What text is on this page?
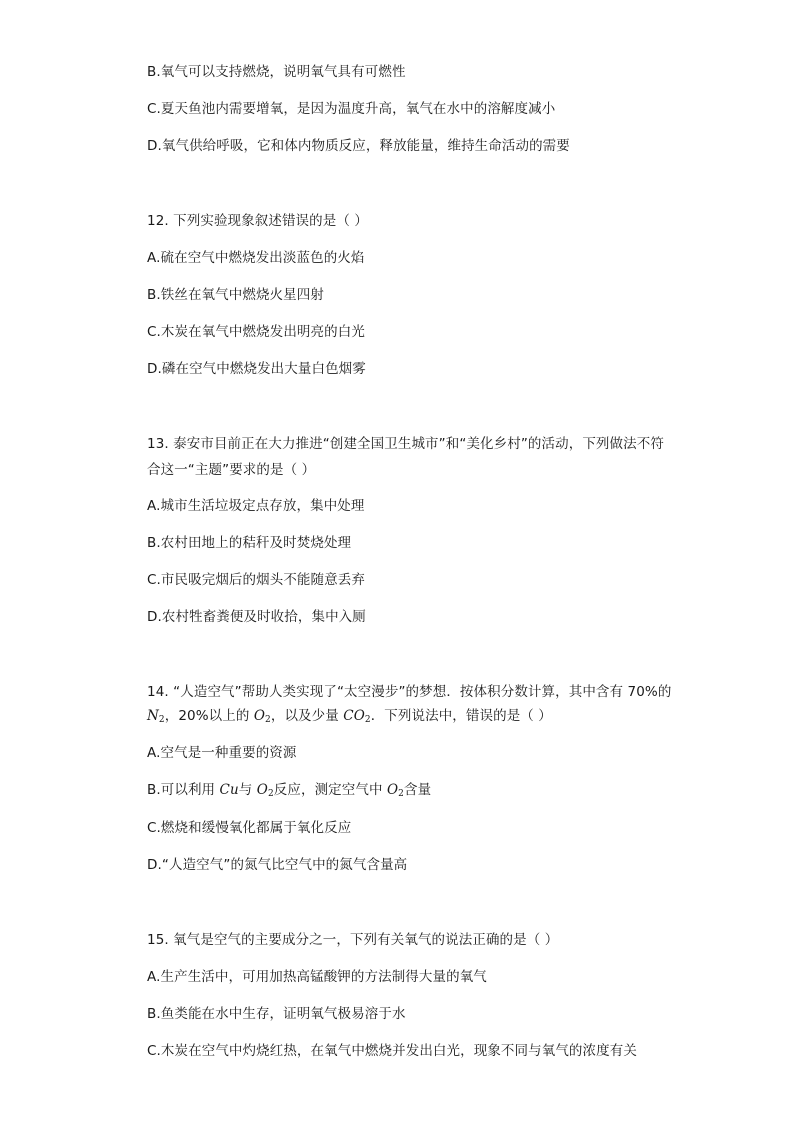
B.氧气可以支持燃烧，说明氧气具有可燃性
C.夏天鱼池内需要增氧，是因为温度升高，氧气在水中的溶解度减小
D.氧气供给呼吸，它和体内物质反应，释放能量，维持生命活动的需要
12. 下列实验现象叙述错误的是（ ）
A.硫在空气中燃烧发出淡蓝色的火焰
B.铁丝在氧气中燃烧火星四射
C.木炭在氧气中燃烧发出明亮的白光
D.磷在空气中燃烧发出大量白色烟雾
13. 泰安市目前正在大力推进“创建全国卫生城市”和“美化乡村”的活动，下列做法不符
合这一“主题”要求的是（ ）
A.城市生活垃圾定点存放，集中处理
B.农村田地上的秸秆及时焚烧处理
C.市民吸完烟后的烟头不能随意丢弃
D.农村牲畜粪便及时收拾，集中入厕
14. “人造空气”帮助人类实现了“太空漫步”的梦想．按体积分数计算，其中含有 70%的
$N_2$，20%以上的 $O_2$，以及少量 $CO_2$．下列说法中，错误的是（ ）
A.空气是一种重要的资源
B.可以利用 Cu与 $O_2$反应，测定空气中 $O_2$含量
C.燃烧和缓慢氧化都属于氧化反应
D.“人造空气”的氮气比空气中的氮气含量高
15. 氧气是空气的主要成分之一，下列有关氧气的说法正确的是（ ）
A.生产生活中，可用加热高锰酸钾的方法制得大量的氧气
B.鱼类能在水中生存，证明氧气极易溶于水
C.木炭在空气中灼烧红热，在氧气中燃烧并发出白光，现象不同与氧气的浓度有关
